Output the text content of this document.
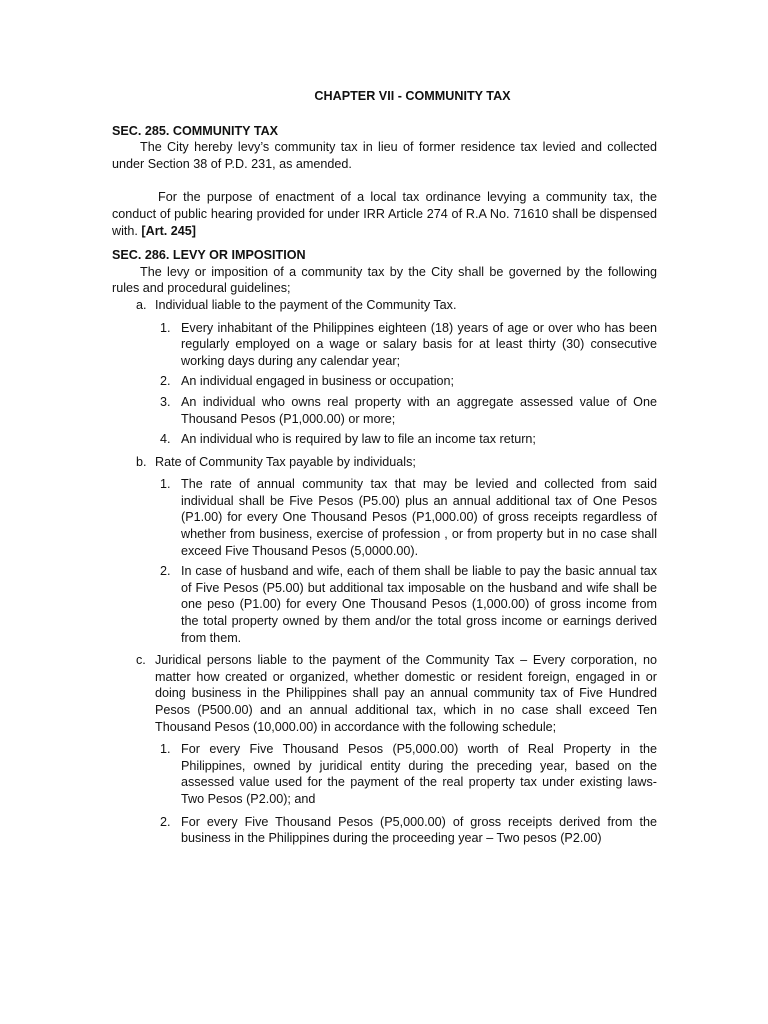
CHAPTER VII - COMMUNITY TAX

SEC. 285. COMMUNITY TAX

The City hereby levy’s community tax in lieu of former residence tax levied and collected under Section 38 of P.D. 231, as amended.

For the purpose of enactment of a local tax ordinance levying a community tax, the conduct of public hearing provided for under IRR Article 274 of R.A No. 71610 shall be dispensed with. [Art. 245]

SEC. 286. LEVY OR IMPOSITION

The levy or imposition of a community tax by the City shall be governed by the following rules and procedural guidelines;

a. Individual liable to the payment of the Community Tax.
1. Every inhabitant of the Philippines eighteen (18) years of age or over who has been regularly employed on a wage or salary basis for at least thirty (30) consecutive working days during any calendar year;
2. An individual engaged in business or occupation;
3. An individual who owns real property with an aggregate assessed value of One Thousand Pesos (P1,000.00) or more;
4. An individual who is required by law to file an income tax return;
b. Rate of Community Tax payable by individuals;
1. The rate of annual community tax that may be levied and collected from said individual shall be Five Pesos (P5.00) plus an annual additional tax of One Pesos (P1.00) for every One Thousand Pesos (P1,000.00) of gross receipts regardless of whether from business, exercise of profession , or from property but in no case shall exceed Five Thousand Pesos (5,0000.00).
2. In case of husband and wife, each of them shall be liable to pay the basic annual tax of Five Pesos (P5.00) but additional tax imposable on the husband and wife shall be one peso (P1.00) for every One Thousand Pesos (1,000.00) of gross income from the total property owned by them and/or the total gross income or earnings derived from them.
c. Juridical persons liable to the payment of the Community Tax – Every corporation, no matter how created or organized, whether domestic or resident foreign, engaged in or doing business in the Philippines shall pay an annual community tax of Five Hundred Pesos (P500.00) and an annual additional tax, which in no case shall exceed Ten Thousand Pesos (10,000.00) in accordance with the following schedule;
1. For every Five Thousand Pesos (P5,000.00) worth of Real Property in the Philippines, owned by juridical entity during the preceding year, based on the assessed value used for the payment of the real property tax under existing laws- Two Pesos (P2.00); and
2. For every Five Thousand Pesos (P5,000.00) of gross receipts derived from the business in the Philippines during the proceeding year – Two pesos (P2.00)
